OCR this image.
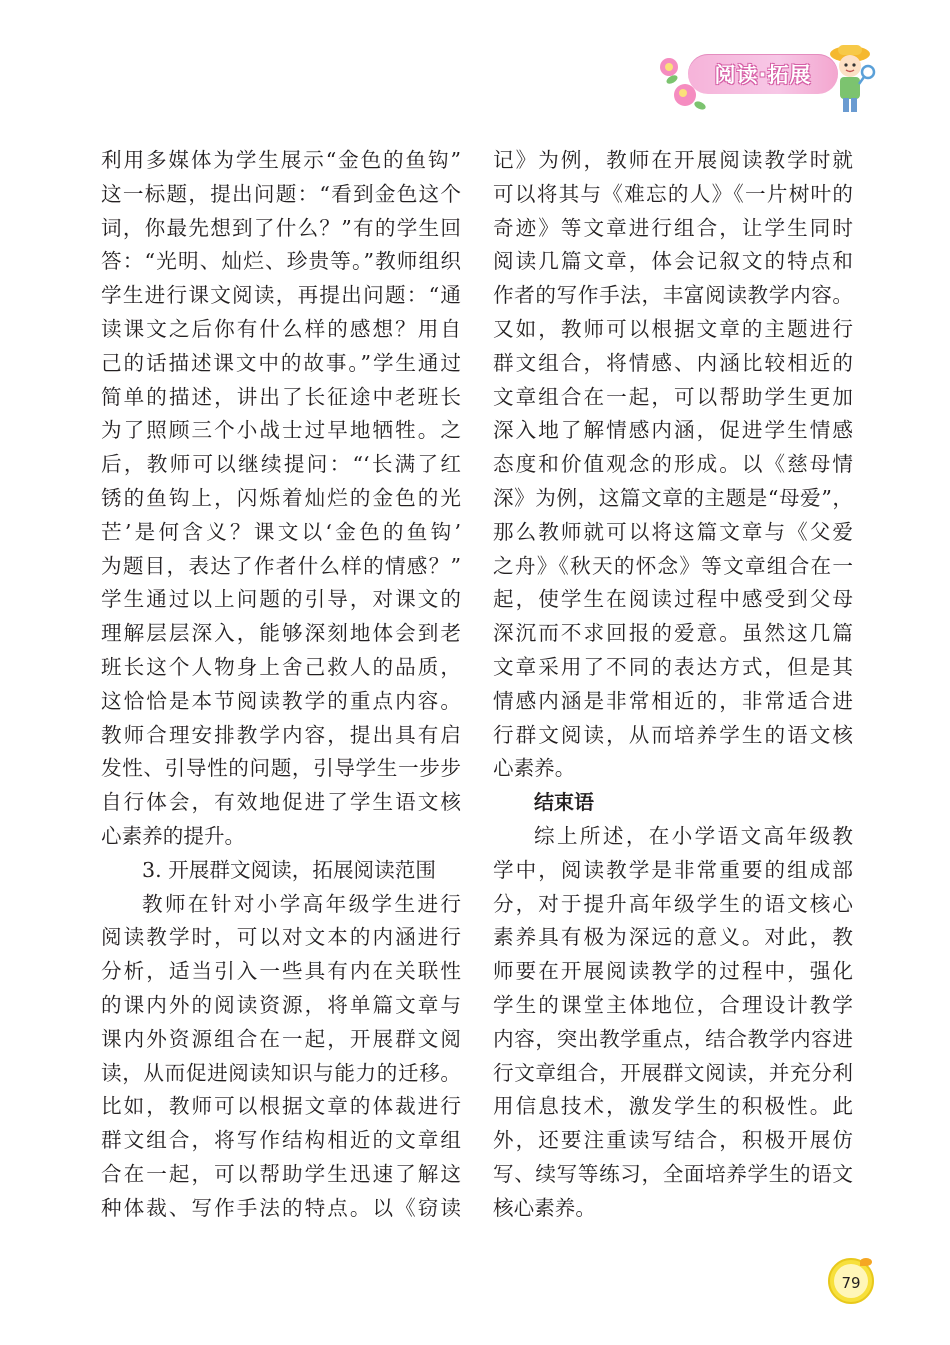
阅读·拓展
利用多媒体为学生展示“金色的鱼钩”
这一标题，提出问题：“看到金色这个
词，你最先想到了什么？”有的学生回
答：“光明、灿烂、珍贵等。”教师组织
学生进行课文阅读，再提出问题：“通
读课文之后你有什么样的感想？用自
己的话描述课文中的故事。”学生通过
简单的描述，讲出了长征途中老班长
为了照顾三个小战士过早地牺牲。之
后，教师可以继续提问：“‘长满了红
锈的鱼钩上，闪烁着灿烂的金色的光
芒’是何含义？课文以‘金色的鱼钩’
为题目，表达了作者什么样的情感？”
学生通过以上问题的引导，对课文的
理解层层深入，能够深刻地体会到老
班长这个人物身上舍己救人的品质，
这恰恰是本节阅读教学的重点内容。
教师合理安排教学内容，提出具有启
发性、引导性的问题，引导学生一步步
自行体会，有效地促进了学生语文核
心素养的提升。
3. 开展群文阅读，拓展阅读范围
教师在针对小学高年级学生进行
阅读教学时，可以对文本的内涵进行
分析，适当引入一些具有内在关联性
的课内外的阅读资源，将单篇文章与
课内外资源组合在一起，开展群文阅
读，从而促进阅读知识与能力的迁移。
比如，教师可以根据文章的体裁进行
群文组合，将写作结构相近的文章组
合在一起，可以帮助学生迅速了解这
种体裁、写作手法的特点。以《窃读
记》为例，教师在开展阅读教学时就
可以将其与《难忘的人》《一片树叶的
奇迹》等文章进行组合，让学生同时
阅读几篇文章，体会记叙文的特点和
作者的写作手法，丰富阅读教学内容。
又如，教师可以根据文章的主题进行
群文组合，将情感、内涵比较相近的
文章组合在一起，可以帮助学生更加
深入地了解情感内涵，促进学生情感
态度和价值观念的形成。以《慈母情
深》为例，这篇文章的主题是“母爱”，
那么教师就可以将这篇文章与《父爱
之舟》《秋天的怀念》等文章组合在一
起，使学生在阅读过程中感受到父母
深沉而不求回报的爱意。虽然这几篇
文章采用了不同的表达方式，但是其
情感内涵是非常相近的，非常适合进
行群文阅读，从而培养学生的语文核
心素养。
结束语
综上所述，在小学语文高年级教
学中，阅读教学是非常重要的组成部
分，对于提升高年级学生的语文核心
素养具有极为深远的意义。对此，教
师要在开展阅读教学的过程中，强化
学生的课堂主体地位，合理设计教学
内容，突出教学重点，结合教学内容进
行文章组合，开展群文阅读，并充分利
用信息技术，激发学生的积极性。此
外，还要注重读写结合，积极开展仿
写、续写等练习，全面培养学生的语文
核心素养。
79
